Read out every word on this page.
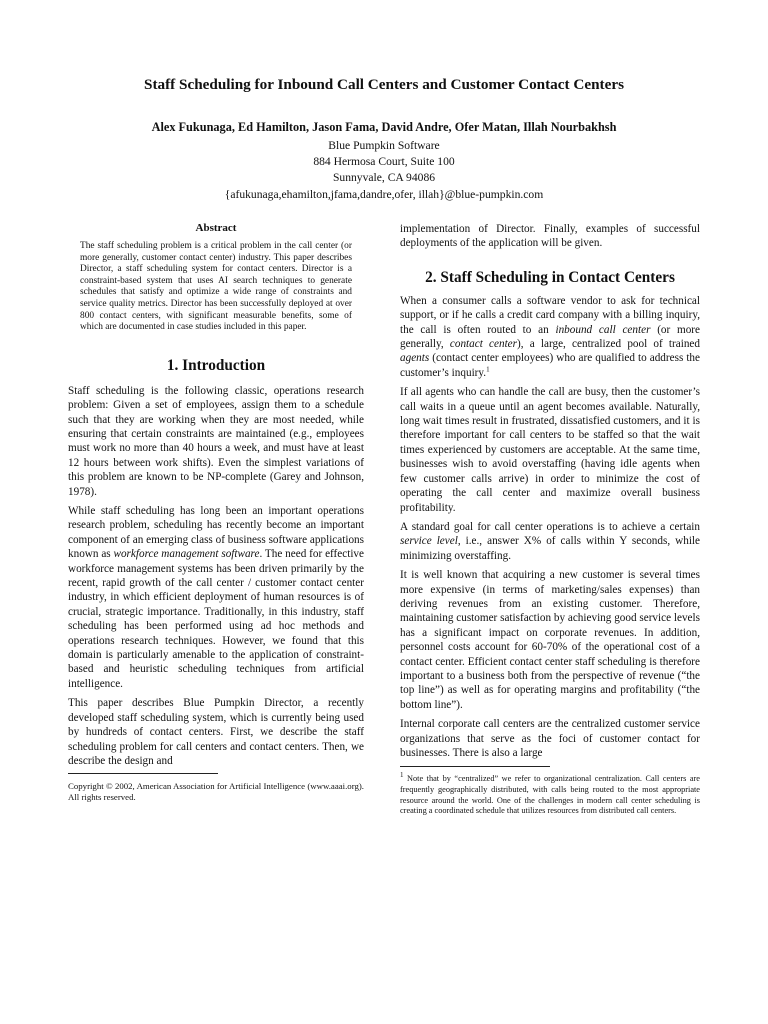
Staff Scheduling for Inbound Call Centers and Customer Contact Centers
Alex Fukunaga, Ed Hamilton, Jason Fama, David Andre, Ofer Matan, Illah Nourbakhsh
Blue Pumpkin Software
884 Hermosa Court, Suite 100
Sunnyvale, CA 94086
{afukunaga,ehamilton,jfama,dandre,ofer, illah}@blue-pumpkin.com
Abstract

The staff scheduling problem is a critical problem in the call center (or more generally, customer contact center) industry. This paper describes Director, a staff scheduling system for contact centers. Director is a constraint-based system that uses AI search techniques to generate schedules that satisfy and optimize a wide range of constraints and service quality metrics. Director has been successfully deployed at over 800 contact centers, with significant measurable benefits, some of which are documented in case studies included in this paper.

1. Introduction

Staff scheduling is the following classic, operations research problem: Given a set of employees, assign them to a schedule such that they are working when they are most needed, while ensuring that certain constraints are maintained (e.g., employees must work no more than 40 hours a week, and must have at least 12 hours between work shifts). Even the simplest variations of this problem are known to be NP-complete (Garey and Johnson, 1978).

While staff scheduling has long been an important operations research problem, scheduling has recently become an important component of an emerging class of business software applications known as workforce management software. The need for effective workforce management systems has been driven primarily by the recent, rapid growth of the call center / customer contact center industry, in which efficient deployment of human resources is of crucial, strategic importance. Traditionally, in this industry, staff scheduling has been performed using ad hoc methods and operations research techniques. However, we found that this domain is particularly amenable to the application of constraint-based and heuristic scheduling techniques from artificial intelligence.

This paper describes Blue Pumpkin Director, a recently developed staff scheduling system, which is currently being used by hundreds of contact centers. First, we describe the staff scheduling problem for call centers and contact centers. Then, we describe the design and

Copyright © 2002, American Association for Artificial Intelligence (www.aaai.org). All rights reserved.

implementation of Director. Finally, examples of successful deployments of the application will be given.

2. Staff Scheduling in Contact Centers

When a consumer calls a software vendor to ask for technical support, or if he calls a credit card company with a billing inquiry, the call is often routed to an inbound call center (or more generally, contact center), a large, centralized pool of trained agents (contact center employees) who are qualified to address the customer’s inquiry.$^1$

If all agents who can handle the call are busy, then the customer’s call waits in a queue until an agent becomes available. Naturally, long wait times result in frustrated, dissatisfied customers, and it is therefore important for call centers to be staffed so that the wait times experienced by customers are acceptable. At the same time, businesses wish to avoid overstaffing (having idle agents when few customer calls arrive) in order to minimize the cost of operating the call center and maximize overall business profitability.

A standard goal for call center operations is to achieve a certain service level, i.e., answer X% of calls within Y seconds, while minimizing overstaffing.

It is well known that acquiring a new customer is several times more expensive (in terms of marketing/sales expenses) than deriving revenues from an existing customer. Therefore, maintaining customer satisfaction by achieving good service levels has a significant impact on corporate revenues. In addition, personnel costs account for 60-70% of the operational cost of a contact center. Efficient contact center staff scheduling is therefore important to a business both from the perspective of revenue (“the top line”) as well as for operating margins and profitability (“the bottom line”).

Internal corporate call centers are the centralized customer service organizations that serve as the foci of customer contact for businesses. There is also a large

$^1$ Note that by “centralized” we refer to organizational centralization. Call centers are frequently geographically distributed, with calls being routed to the most appropriate resource around the world. One of the challenges in modern call center scheduling is creating a coordinated schedule that utilizes resources from distributed call centers.
